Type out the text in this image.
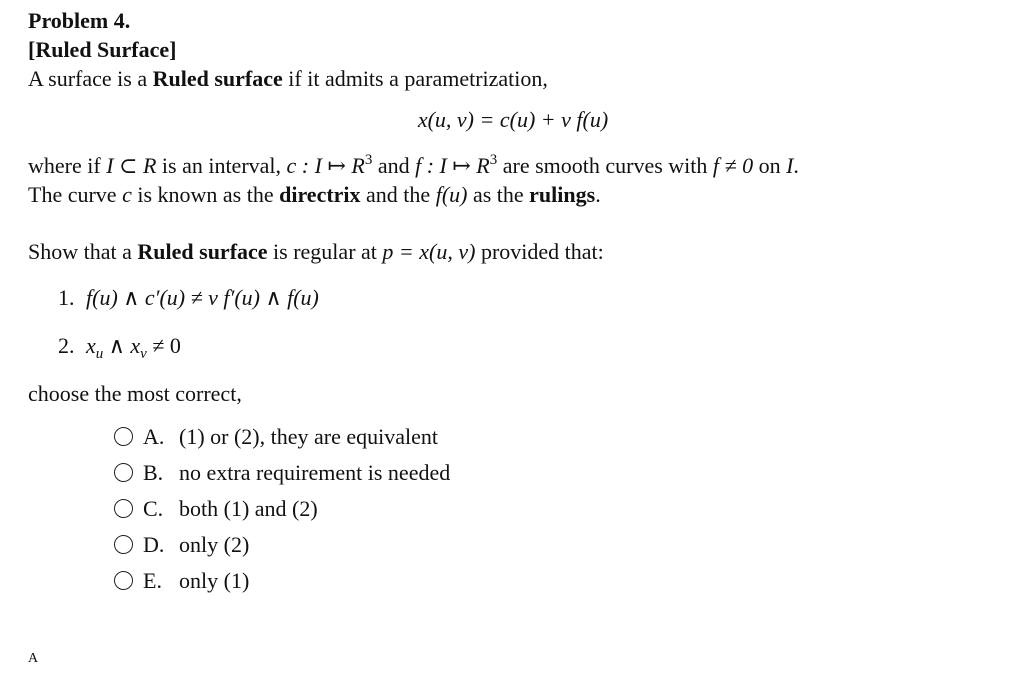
Problem 4.

[Ruled Surface]

A surface is a Ruled surface if it admits a parametrization,

x(u, v) = c(u) + v f(u)

where if I ⊂ R is an interval, c : I ↦ $R^3$ and f : I ↦ $R^3$ are smooth curves with f ≠ 0 on I.

The curve c is known as the directrix and the f(u) as the rulings.

Show that a Ruled surface is regular at p = x(u, v) provided that:

1. f(u) ∧ c′(u) ≠ v f′(u) ∧ f(u)
2. $x_u$ ∧ $x_v \ne 0$

choose the most correct,

A. (1) or (2), they are equivalent
B. no extra requirement is needed
C. both (1) and (2)
D. only (2)
E. only (1)
A
